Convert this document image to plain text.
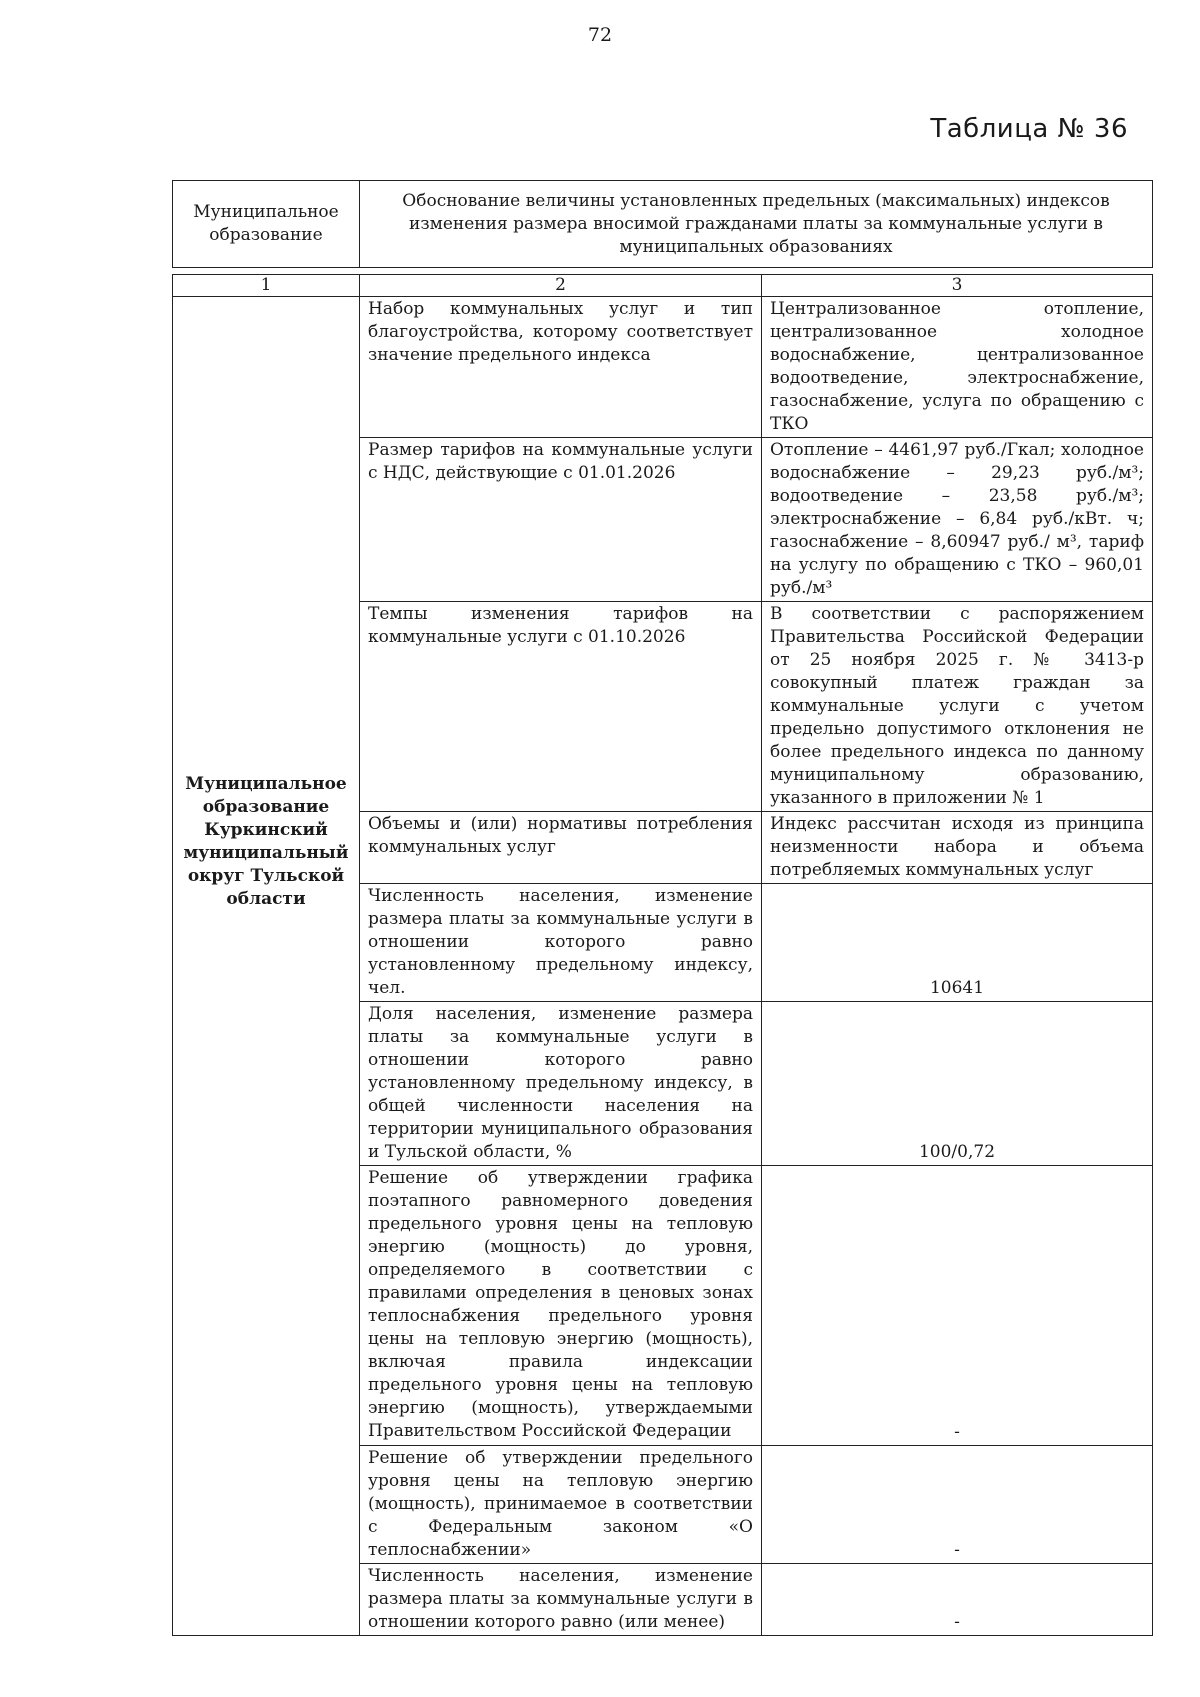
72
Таблица № 36
Муниципальное образование	Обоснование величины установленных предельных (максимальных) индексов изменения размера вносимой гражданами платы за коммунальные услуги в муниципальных образованиях
1	2	3
Муниципальное образование Куркинский муниципальный округ Тульской области	Набор коммунальных услуг и тип благоустройства, которому соответствует значение предельного индекса	Централизованное отопление, централизованное холодное водоснабжение, централизованное водоотведение, электроснабжение, газоснабжение, услуга по обращению с ТКО
	Размер тарифов на коммунальные услуги с НДС, действующие с 01.01.2026	Отопление – 4461,97 руб./Гкал; холодное водоснабжение – 29,23 руб./м³; водоотведение – 23,58 руб./м³; электроснабжение – 6,84 руб./кВт. ч; газоснабжение – 8,60947 руб./ м³, тариф на услугу по обращению с ТКО – 960,01 руб./м³
	Темпы изменения тарифов на коммунальные услуги с 01.10.2026	В соответствии с распоряжением Правительства Российской Федерации от 25 ноября 2025 г. № 3413-р совокупный платеж граждан за коммунальные услуги с учетом предельно допустимого отклонения не более предельного индекса по данному муниципальному образованию, указанного в приложении № 1
	Объемы и (или) нормативы потребления коммунальных услуг	Индекс рассчитан исходя из принципа неизменности набора и объема потребляемых коммунальных услуг
	Численность населения, изменение размера платы за коммунальные услуги в отношении которого равно установленному предельному индексу, чел.	10641
	Доля населения, изменение размера платы за коммунальные услуги в отношении которого равно установленному предельному индексу, в общей численности населения на территории муниципального образования и Тульской области, %	100/0,72
	Решение об утверждении графика поэтапного равномерного доведения предельного уровня цены на тепловую энергию (мощность) до уровня, определяемого в соответствии с правилами определения в ценовых зонах теплоснабжения предельного уровня цены на тепловую энергию (мощность), включая правила индексации предельного уровня цены на тепловую энергию (мощность), утверждаемыми Правительством Российской Федерации	-
	Решение об утверждении предельного уровня цены на тепловую энергию (мощность), принимаемое в соответствии с Федеральным законом «О теплоснабжении»	-
	Численность населения, изменение размера платы за коммунальные услуги в отношении которого равно (или менее)	-
